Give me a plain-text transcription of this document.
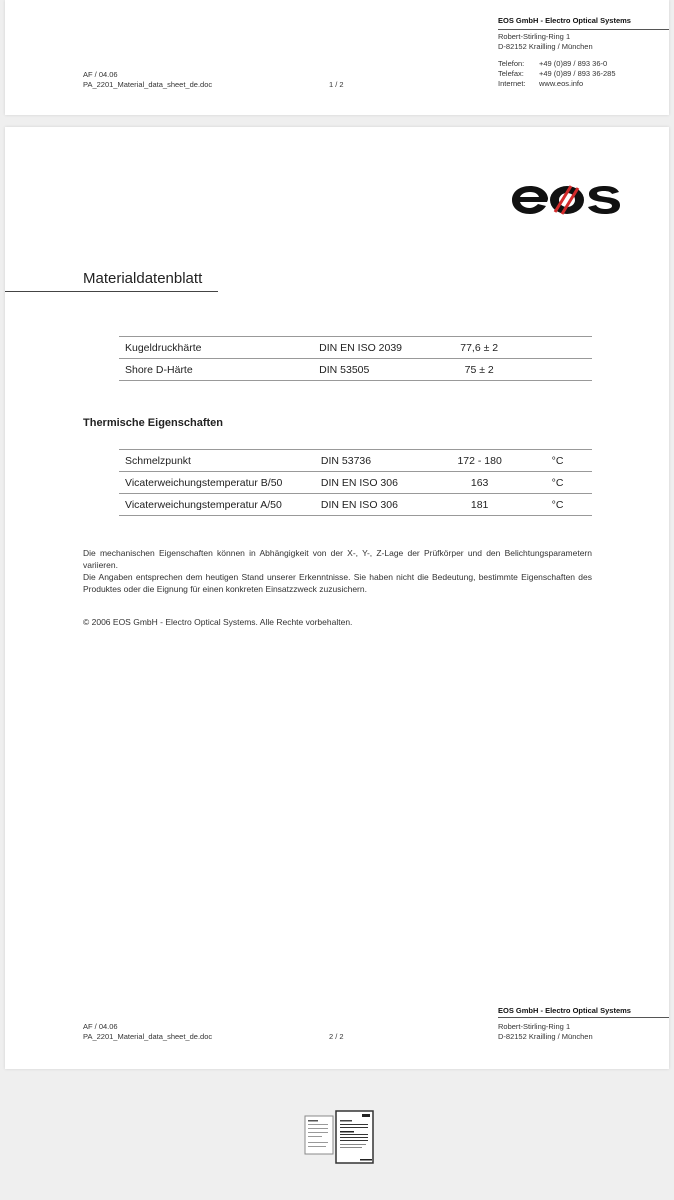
EOS GmbH - Electro Optical Systems
Robert-Stirling-Ring 1
D-82152 Krailling / München
Telefon:	+49 (0)89 / 893 36-0
Telefax:	+49 (0)89 / 893 36-285
Internet:	www.eos.info
AF / 04.06
PA_2201_Material_data_sheet_de.doc	1 / 2
Materialdatenblatt
Kugeldruckhärte	DIN EN ISO 2039	77,6 ± 2	
Shore D-Härte	DIN 53505	75 ± 2	
Thermische Eigenschaften
Schmelzpunkt	DIN 53736	172 - 180	°C
Vicaterweichungstemperatur B/50	DIN EN ISO 306	163	°C
Vicaterweichungstemperatur A/50	DIN EN ISO 306	181	°C

Die mechanischen Eigenschaften können in Abhängigkeit von der X-, Y-, Z-Lage der Prüfkörper und den Belichtungsparametern variieren.

Die Angaben entsprechen dem heutigen Stand unserer Erkenntnisse. Sie haben nicht die Bedeutung, bestimmte Eigenschaften des Produktes oder die Eignung für einen konkreten Einsatzzweck zuzusichern.

© 2006 EOS GmbH - Electro Optical Systems. Alle Rechte vorbehalten.
EOS GmbH - Electro Optical Systems
Robert-Stirling-Ring 1
D-82152 Krailling / München
AF / 04.06
PA_2201_Material_data_sheet_de.doc	2 / 2
